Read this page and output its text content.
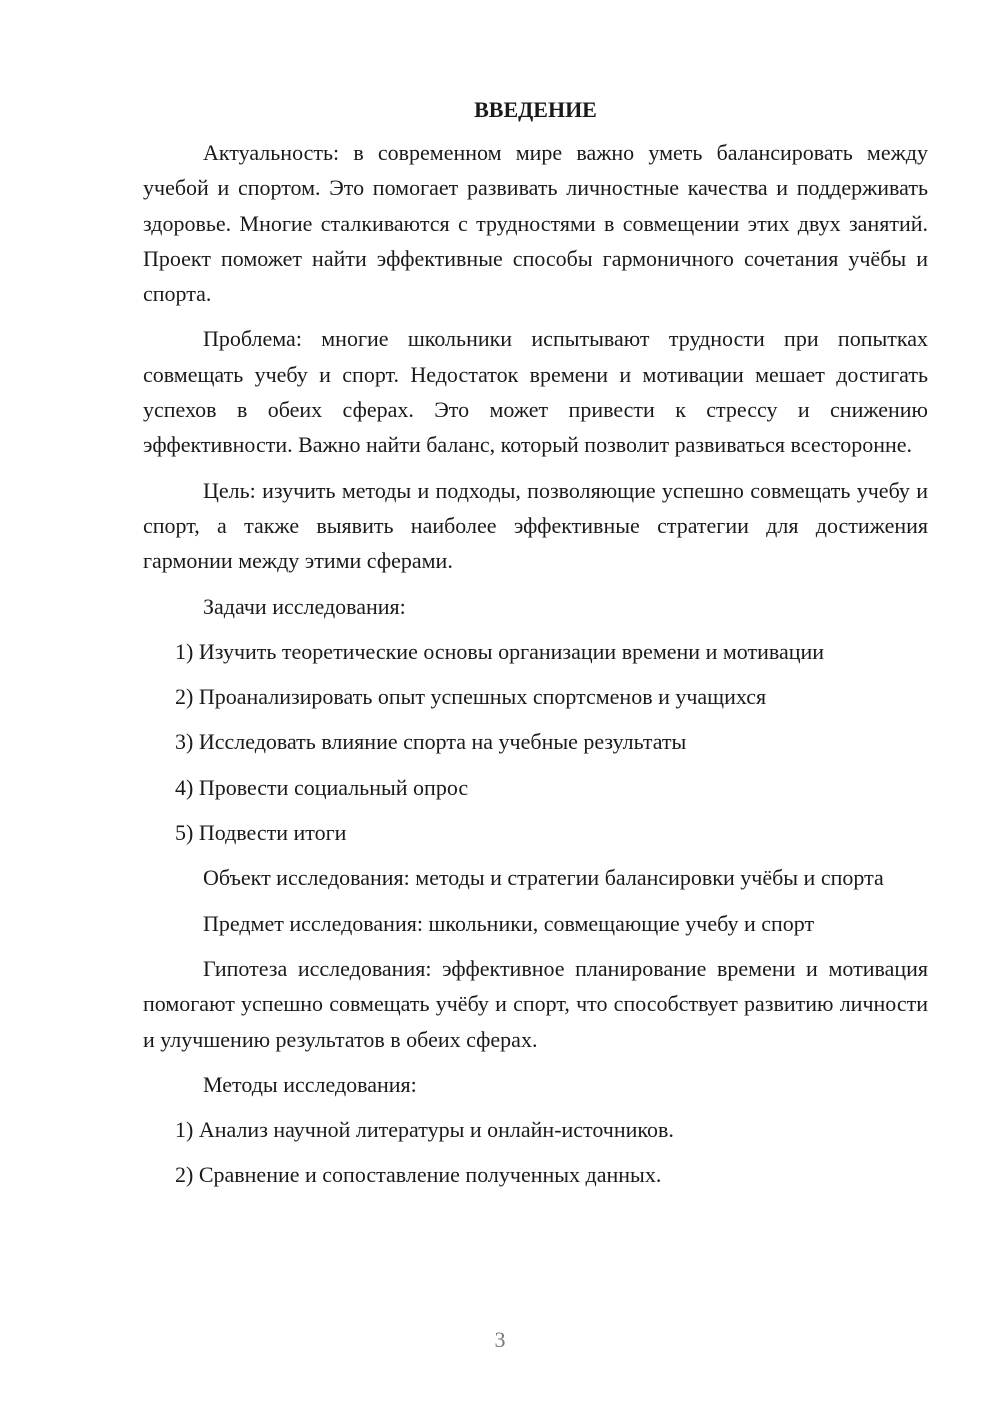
ВВЕДЕНИЕ

Актуальность: в современном мире важно уметь балансировать между учебой и спортом. Это помогает развивать личностные качества и поддерживать здоровье. Многие сталкиваются с трудностями в совмещении этих двух занятий. Проект поможет найти эффективные способы гармоничного сочетания учёбы и спорта.

Проблема: многие школьники испытывают трудности при попытках совмещать учебу и спорт. Недостаток времени и мотивации мешает достигать успехов в обеих сферах. Это может привести к стрессу и снижению эффективности. Важно найти баланс, который позволит развиваться всесторонне.

Цель: изучить методы и подходы, позволяющие успешно совмещать учебу и спорт, а также выявить наиболее эффективные стратегии для достижения гармонии между этими сферами.

Задачи исследования:

1) Изучить теоретические основы организации времени и мотивации

2) Проанализировать опыт успешных спортсменов и учащихся

3) Исследовать влияние спорта на учебные результаты

4) Провести социальный опрос

5) Подвести итоги

Объект исследования: методы и стратегии балансировки учёбы и спорта

Предмет исследования: школьники, совмещающие учебу и спорт

Гипотеза исследования: эффективное планирование времени и мотивация помогают успешно совмещать учёбу и спорт, что способствует развитию личности и улучшению результатов в обеих сферах.

Методы исследования:

1) Анализ научной литературы и онлайн-источников.

2) Сравнение и сопоставление полученных данных.

3
